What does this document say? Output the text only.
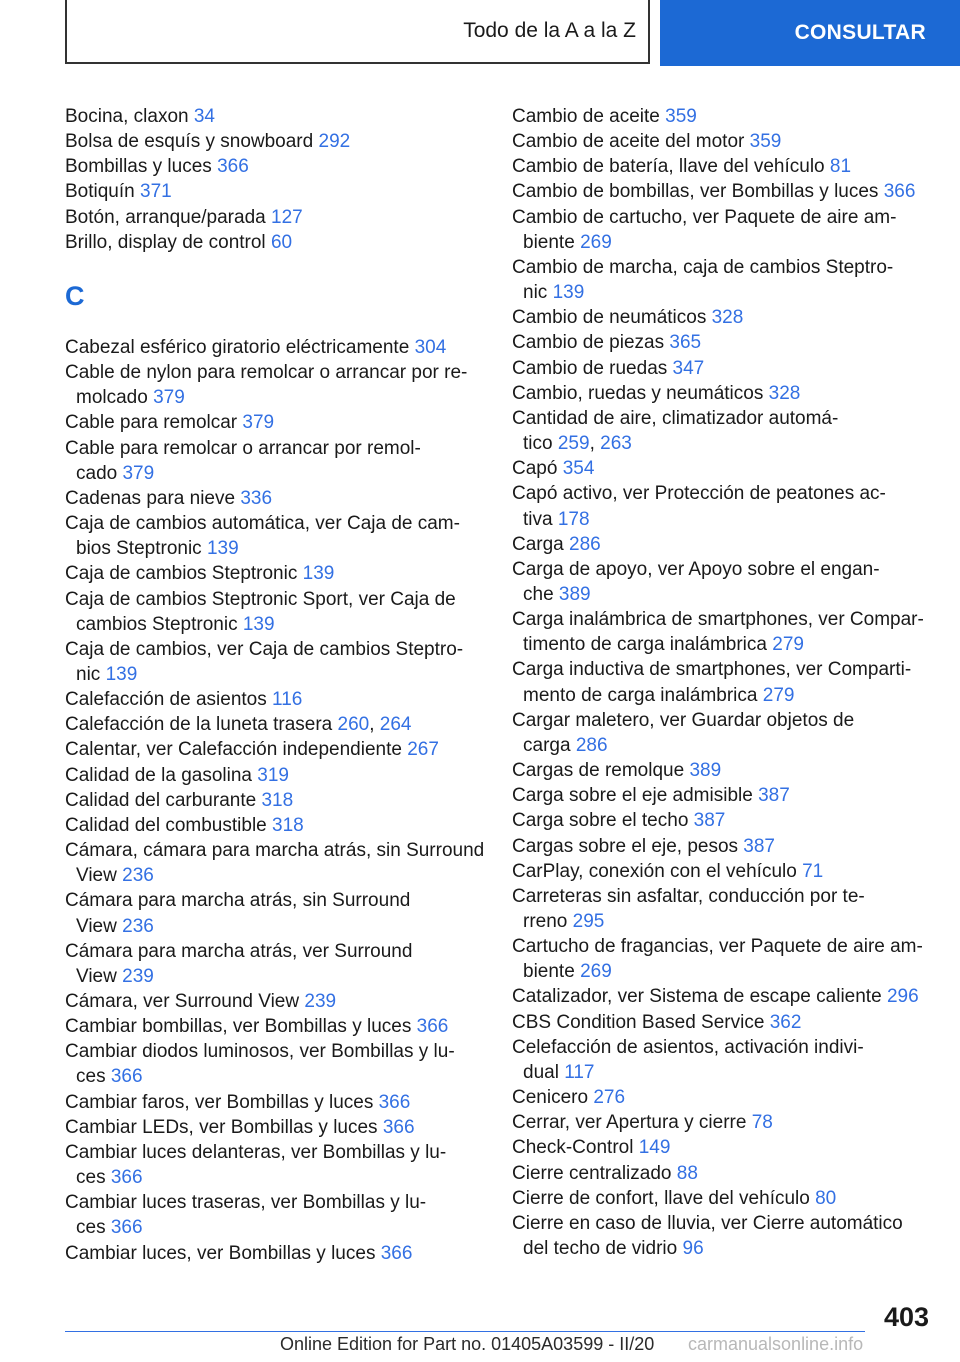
Todo de la A a la Z	CONSULTAR
Bocina, claxon 34
Bolsa de esquís y snowboard 292
Bombillas y luces 366
Botiquín 371
Botón, arranque/parada 127
Brillo, display de control 60
C
Cabezal esférico giratorio eléctricamente 304
Cable de nylon para remolcar o arrancar por re-
molcado 379
Cable para remolcar 379
Cable para remolcar o arrancar por remol-
cado 379
Cadenas para nieve 336
Caja de cambios automática, ver Caja de cam-
bios Steptronic 139
Caja de cambios Steptronic 139
Caja de cambios Steptronic Sport, ver Caja de
cambios Steptronic 139
Caja de cambios, ver Caja de cambios Steptro-
nic 139
Calefacción de asientos 116
Calefacción de la luneta trasera 260, 264
Calentar, ver Calefacción independiente 267
Calidad de la gasolina 319
Calidad del carburante 318
Calidad del combustible 318
Cámara, cámara para marcha atrás, sin Surround
View 236
Cámara para marcha atrás, sin Surround
View 236
Cámara para marcha atrás, ver Surround
View 239
Cámara, ver Surround View 239
Cambiar bombillas, ver Bombillas y luces 366
Cambiar diodos luminosos, ver Bombillas y lu-
ces 366
Cambiar faros, ver Bombillas y luces 366
Cambiar LEDs, ver Bombillas y luces 366
Cambiar luces delanteras, ver Bombillas y lu-
ces 366
Cambiar luces traseras, ver Bombillas y lu-
ces 366
Cambiar luces, ver Bombillas y luces 366
Cambio de aceite 359
Cambio de aceite del motor 359
Cambio de batería, llave del vehículo 81
Cambio de bombillas, ver Bombillas y luces 366
Cambio de cartucho, ver Paquete de aire am-
biente 269
Cambio de marcha, caja de cambios Steptro-
nic 139
Cambio de neumáticos 328
Cambio de piezas 365
Cambio de ruedas 347
Cambio, ruedas y neumáticos 328
Cantidad de aire, climatizador automá-
tico 259, 263
Capó 354
Capó activo, ver Protección de peatones ac-
tiva 178
Carga 286
Carga de apoyo, ver Apoyo sobre el engan-
che 389
Carga inalámbrica de smartphones, ver Compar-
timento de carga inalámbrica 279
Carga inductiva de smartphones, ver Comparti-
mento de carga inalámbrica 279
Cargar maletero, ver Guardar objetos de
carga 286
Cargas de remolque 389
Carga sobre el eje admisible 387
Carga sobre el techo 387
Cargas sobre el eje, pesos 387
CarPlay, conexión con el vehículo 71
Carreteras sin asfaltar, conducción por te-
rreno 295
Cartucho de fragancias, ver Paquete de aire am-
biente 269
Catalizador, ver Sistema de escape caliente 296
CBS Condition Based Service 362
Celefacción de asientos, activación indivi-
dual 117
Cenicero 276
Cerrar, ver Apertura y cierre 78
Check-Control 149
Cierre centralizado 88
Cierre de confort, llave del vehículo 80
Cierre en caso de lluvia, ver Cierre automático
del techo de vidrio 96
403
Online Edition for Part no. 01405A03599 - II/20 carmanualsonline.info
